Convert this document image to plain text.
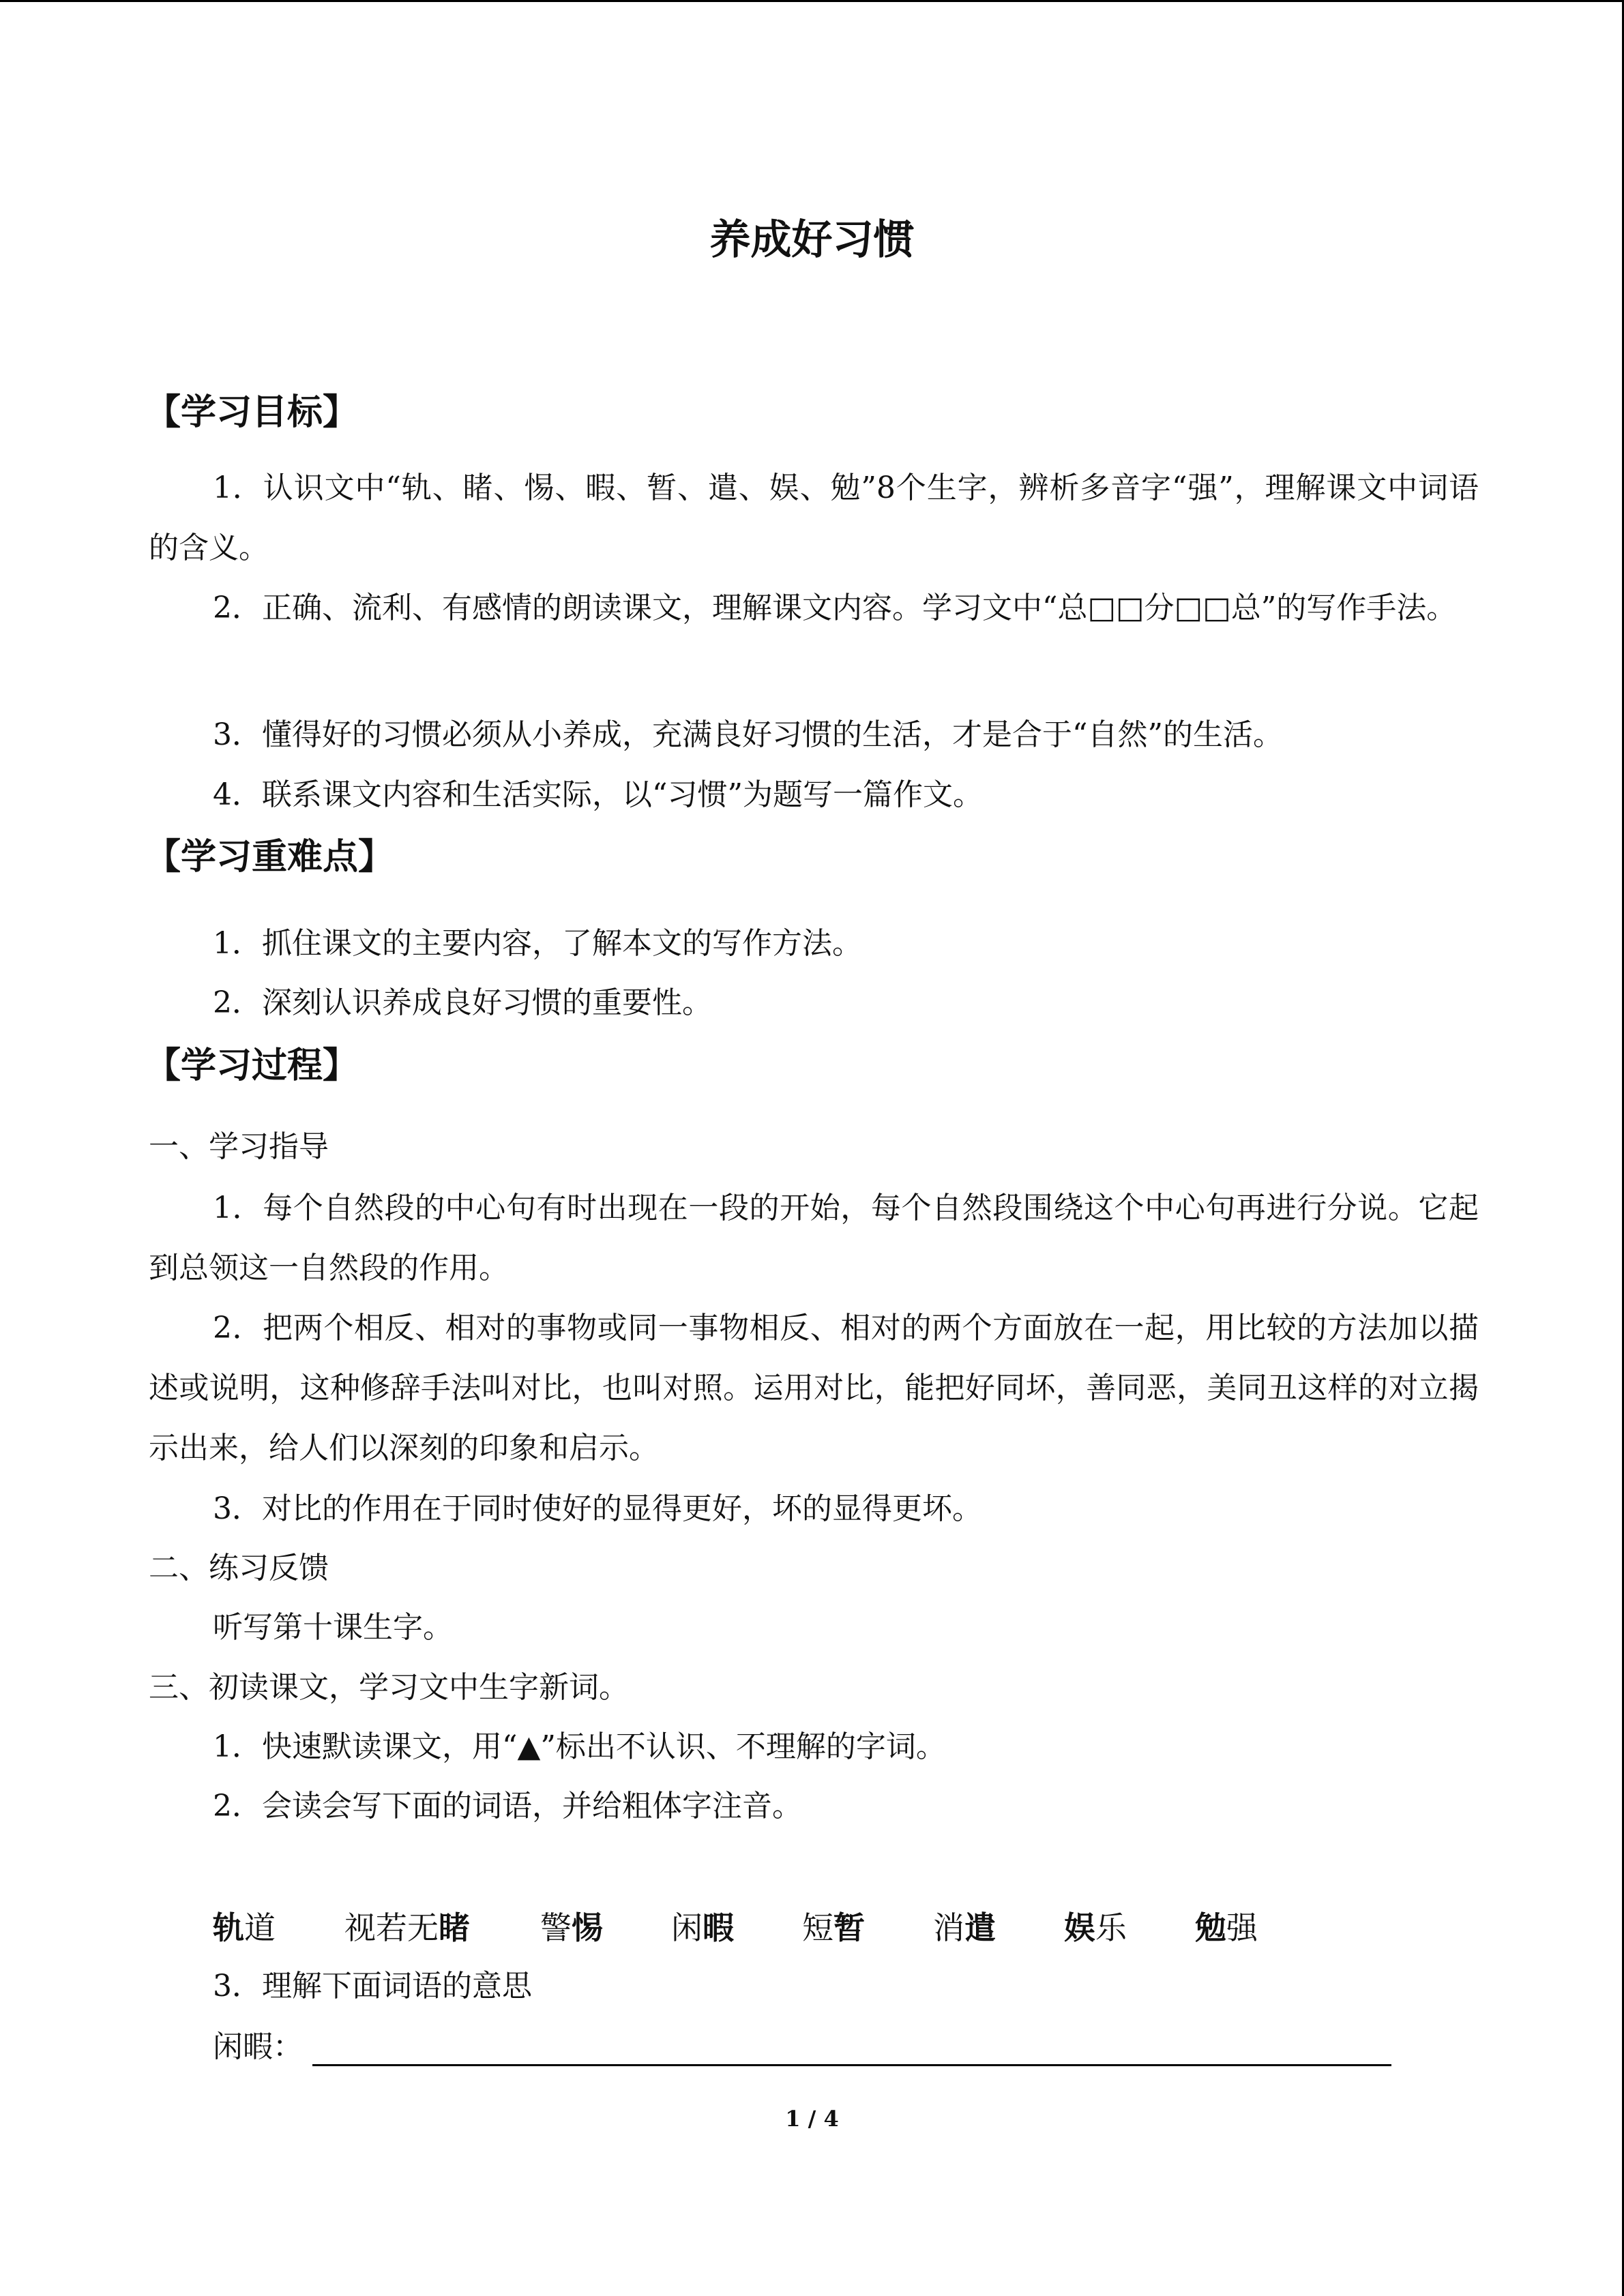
养成好习惯
【学习目标】

1．认识文中“轨、睹、惕、暇、暂、遣、娱、勉”8个生字，辨析多音字“强”，理解课文中词语的含义。

2．正确、流利、有感情的朗读课文，理解课文内容。学习文中“总□□分□□总”的写作手法。

3．懂得好的习惯必须从小养成，充满良好习惯的生活，才是合于“自然”的生活。
4．联系课文内容和生活实际，以“习惯”为题写一篇作文。
【学习重难点】
1．抓住课文的主要内容，了解本文的写作方法。
2．深刻认识养成良好习惯的重要性。
【学习过程】
一、学习指导

1．每个自然段的中心句有时出现在一段的开始，每个自然段围绕这个中心句再进行分说。它起到总领这一自然段的作用。

2．把两个相反、相对的事物或同一事物相反、相对的两个方面放在一起，用比较的方法加以描述或说明，这种修辞手法叫对比，也叫对照。运用对比，能把好同坏，善同恶，美同丑这样的对立揭示出来，给人们以深刻的印象和启示。

3．对比的作用在于同时使好的显得更好，坏的显得更坏。
二、练习反馈
听写第十课生字。
三、初读课文，学习文中生字新词。
1．快速默读课文，用“▲”标出不认识、不理解的字词。
2．会读会写下面的词语，并给粗体字注音。
轨道 视若无睹 警惕 闲暇 短暂 消遣 娱乐 勉强
3．理解下面词语的意思
闲暇：
1 / 4
